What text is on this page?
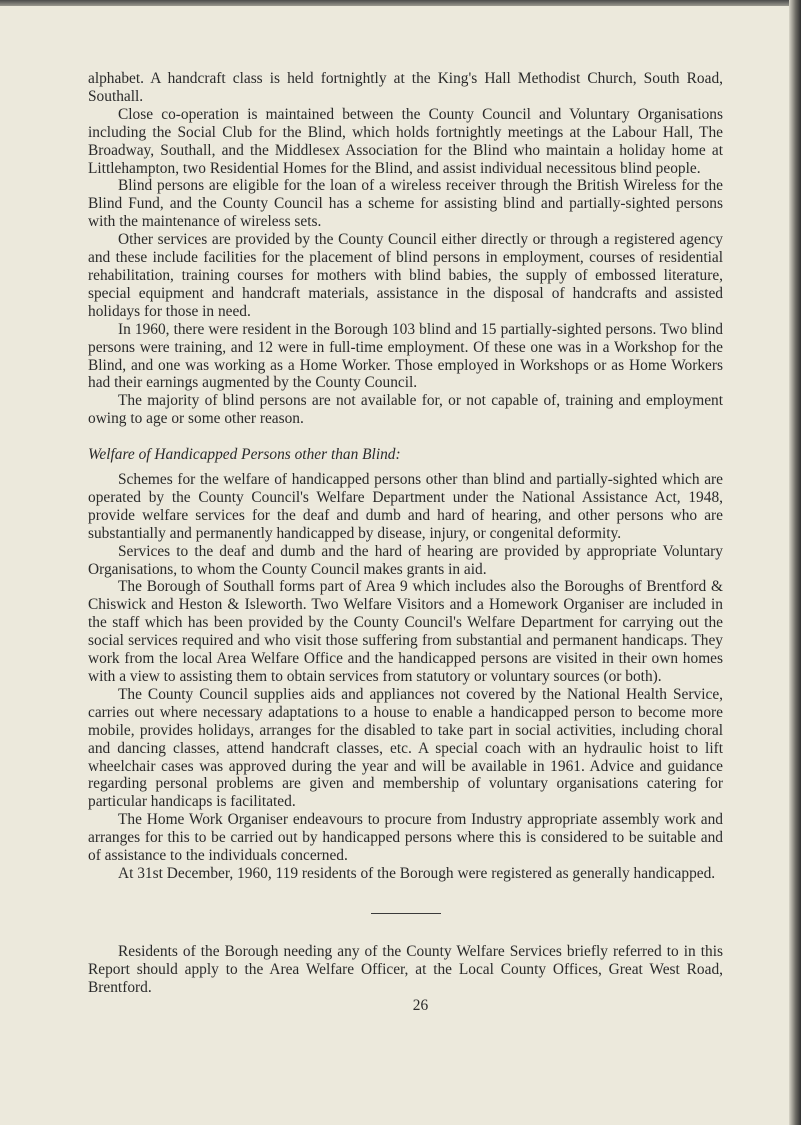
alphabet. A handcraft class is held fortnightly at the King's Hall Methodist Church, South Road, Southall.

Close co-operation is maintained between the County Council and Voluntary Organisations including the Social Club for the Blind, which holds fortnightly meetings at the Labour Hall, The Broadway, Southall, and the Middlesex Association for the Blind who maintain a holiday home at Littlehampton, two Residential Homes for the Blind, and assist individual necessitous blind people.

Blind persons are eligible for the loan of a wireless receiver through the British Wireless for the Blind Fund, and the County Council has a scheme for assisting blind and partially-sighted persons with the maintenance of wireless sets.

Other services are provided by the County Council either directly or through a registered agency and these include facilities for the placement of blind persons in employment, courses of residential rehabilitation, training courses for mothers with blind babies, the supply of embossed literature, special equipment and handcraft materials, assistance in the disposal of handcrafts and assisted holidays for those in need.

In 1960, there were resident in the Borough 103 blind and 15 partially-sighted persons. Two blind persons were training, and 12 were in full-time employment. Of these one was in a Workshop for the Blind, and one was working as a Home Worker. Those employed in Workshops or as Home Workers had their earnings augmented by the County Council.

The majority of blind persons are not available for, or not capable of, training and employment owing to age or some other reason.

Welfare of Handicapped Persons other than Blind:

Schemes for the welfare of handicapped persons other than blind and partially-sighted which are operated by the County Council's Welfare Department under the National Assistance Act, 1948, provide welfare services for the deaf and dumb and hard of hearing, and other persons who are substantially and permanently handicapped by disease, injury, or congenital deformity.

Services to the deaf and dumb and the hard of hearing are provided by appropriate Voluntary Organisations, to whom the County Council makes grants in aid.

The Borough of Southall forms part of Area 9 which includes also the Boroughs of Brentford & Chiswick and Heston & Isleworth. Two Welfare Visitors and a Homework Organiser are included in the staff which has been provided by the County Council's Welfare Department for carrying out the social services required and who visit those suffering from substantial and permanent handicaps. They work from the local Area Welfare Office and the handicapped persons are visited in their own homes with a view to assisting them to obtain services from statutory or voluntary sources (or both).

The County Council supplies aids and appliances not covered by the National Health Service, carries out where necessary adaptations to a house to enable a handicapped person to become more mobile, provides holidays, arranges for the disabled to take part in social activities, including choral and dancing classes, attend handcraft classes, etc. A special coach with an hydraulic hoist to lift wheelchair cases was approved during the year and will be available in 1961. Advice and guidance regarding personal problems are given and membership of voluntary organisations catering for particular handicaps is facilitated.

The Home Work Organiser endeavours to procure from Industry appropriate assembly work and arranges for this to be carried out by handicapped persons where this is considered to be suitable and of assistance to the individuals concerned.

At 31st December, 1960, 119 residents of the Borough were registered as generally handicapped.

Residents of the Borough needing any of the County Welfare Services briefly referred to in this Report should apply to the Area Welfare Officer, at the Local County Offices, Great West Road, Brentford.

26
